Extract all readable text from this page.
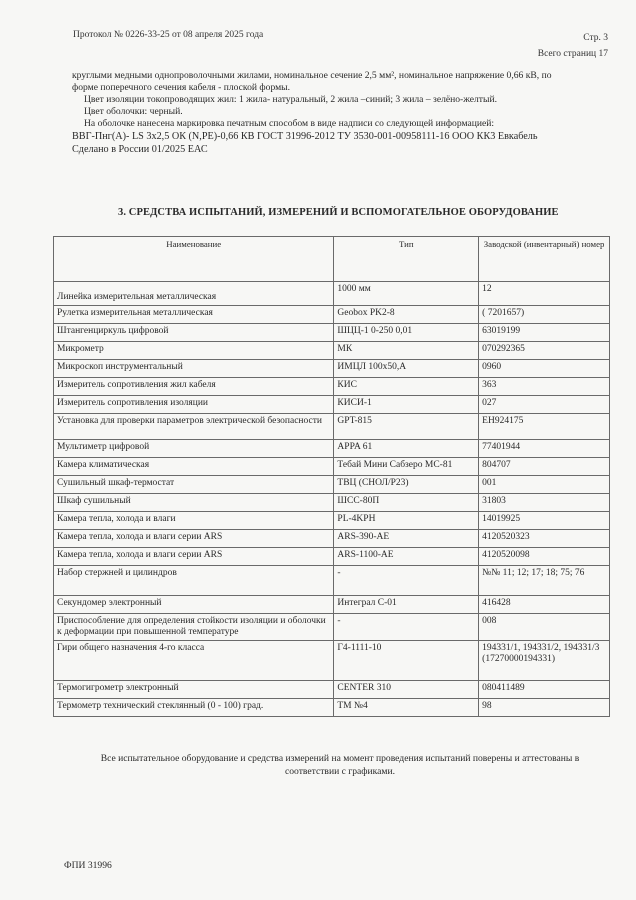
Протокол № 0226-33-25 от 08 апреля 2025 года	Стр. 3
Всего страниц 17

круглыми медными однопроволочными жилами, номинальное сечение 2,5 мм², номинальное напряжение 0,66 кВ, по

форме поперечного сечения кабеля - плоской формы.

Цвет изоляции токопроводящих жил: 1 жила- натуральный, 2 жила –синий; 3 жила – зелёно-желтый.

Цвет оболочки: черный.

На оболочке нанесена маркировка печатным способом в виде надписи со следующей информацией:

ВВГ-Пнг(А)- LS 3х2,5 ОК (N,PE)-0,66 КВ ГОСТ 31996-2012 ТУ 3530-001-00958111-16 ООО КК3 Евкабель

Сделано в России 01/2025 ЕАС

3. СРЕДСТВА ИСПЫТАНИЙ, ИЗМЕРЕНИЙ И ВСПОМОГАТЕЛЬНОЕ ОБОРУДОВАНИЕ
Наименование	Тип	Заводской (инвентарный) номер
Линейка измерительная металлическая	1000 мм	12
Рулетка измерительная металлическая	Geobox PK2-8	( 7201657)
Штангенциркуль цифровой	ШЦЦ-1 0-250 0,01	63019199
Микрометр	МК	070292365
Микроскоп инструментальный	ИМЦЛ 100х50,А	0960
Измеритель сопротивления жил кабеля	КИС	363
Измеритель сопротивления изоляции	КИСИ-1	027
Установка для проверки параметров электрической безопасности	GPT-815	EH924175
Мультиметр цифровой	APPA 61	77401944
Камера климатическая	Тебай Мини Сабзеро МС-81	804707
Сушильный шкаф-термостат	ТВЦ (СНОЛ/Р23)	001
Шкаф сушильный	ШСС-80П	31803
Камера тепла, холода и влаги	PL-4KPH	14019925
Камера тепла, холода и влаги серии ARS	ARS-390-AE	4120520323
Камера тепла, холода и влаги серии ARS	ARS-1100-AE	4120520098
Набор стержней и цилиндров	-	№№ 11; 12; 17; 18; 75; 76
Секундомер электронный	Интеграл С-01	416428
Приспособление для определения стойкости изоляции и оболочки к деформации при повышенной температуре	-	008
Гири общего назначения 4-го класса	Г4-1111-10	194331/1, 194331/2, 194331/3 (17270000194331)
Термогигрометр электронный	CENTER 310	080411489
Термометр технический стеклянный (0 - 100) град.	ТМ №4	98
Все испытательное оборудование и средства измерений на момент проведения испытаний поверены и аттестованы в соответствии с графиками.
ФПИ 31996
